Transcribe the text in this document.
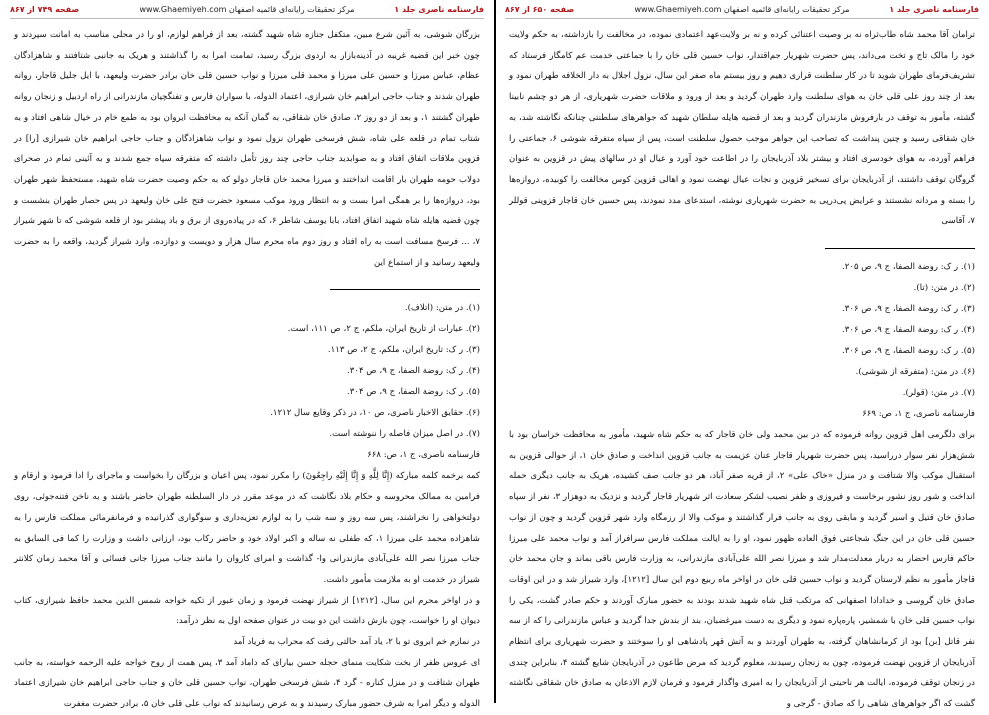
فارسنامه ناصری جلد ۱
مرکز تحقیقات رایانه‌ای قائمیه اصفهان www.Ghaemiyeh.com
صفحه ۶۵۰ از ۸۶۷

ترامان آقا محمد شاه طاب‌ثراه نه بر وصیت اعتنائی کرده و نه بر ولایت‌عهد اعتمادی نموده، در مخالفت را بازداشته، به حکم ولایت خود را مالک تاج و تخت می‌داند، پس حضرت شهریار جم‌اقتدار، نواب حسین قلی خان را با جماعتی خدمت عم کامگار فرستاد که تشریف‌فرمای طهران شوید تا در کار سلطنت قراری دهیم و روز بیستم ماه صفر این سال، نزول اجلال به دار الخلافه طهران نمود و بعد از چند روز علی قلی خان به هوای سلطنت وارد طهران گردید و بعد از ورود و ملاقات حضرت شهریاری، از هر دو چشم نابینا گشته، مأمور به توقف در بارفروش مازندران گردید و بعد از قضیه هایله سلطان شهید که جواهرهای سلطنتی چنانکه نگاشته شد، به خان شقاقی رسید و چنین پنداشت که تصاحب این جواهر موجب حصول سلطنت است، پس از سپاه متفرقه شوشی ۶، جماعتی را فراهم آورده، به هوای خودسری افتاد و بیشتر بلاد آذربایجان را در اطاعت خود آورد و عیال او در سالهای پیش در قزوین به عنوان گروگان توقف داشتند، از آذربایجان برای تسخیر قزوین و نجات عیال نهضت نمود و اهالی قزوین کوس مخالفت را کوبیده، دروازه‌ها را بسته و مردانه نشستند و عرایض پی‌درپی به حضرت شهریاری نوشته، استدعای مدد نمودند، پس حسین خان قاجار قزوینی قوللر ۷، آقاسی

(۱). ر ک: روضة الصفا، ج ۹، ص ۲۰۵.
(۲). در متن: (تا).
(۳). ر ک: روضة الصفا، ج ۹، ص ۳۰۶.
(۴). ر ک: روضة الصفا، ج ۹، ص ۳۰۶.
(۵). ر ک: روضة الصفا، ج ۹، ص ۳۰۶.
(۶). در متن: (متفرقه از شوشی).
(۷). در متن: (قولر).
فارسنامه ناصری، ج ۱، ص: ۶۶۹

برای دلگرمی اهل قزوین روانه فرموده که در بین محمد ولی خان قاجار که به حکم شاه شهید، مأمور به محافظت خراسان بود با شش‌هزار نفر سوار درراسید، پس حضرت شهریار قاجار عنان عزیمت به جانب قزوین انداخت و صادق خان ۱، از حوالی قزوین به استقبال موکب والا شتافت و در منزل «خاک علی» ۲، از قریه صفر آباد، هر دو جانب صف کشیده، هریک به جانب دیگری حمله انداخت و شور روز نشور برخاست و فیروزی و ظفر نصیب لشکر سعادت اثر شهریار قاجار گردید و نزدیک به دوهزار ۳، نفر از سپاه صادق خان قتیل و اسیر گردید و مابقی روی به جانب فرار گذاشتند و موکب والا از رزمگاه وارد شهر قزوین گردید و چون از نواب حسین قلی خان در این جنگ شجاعتی فوق العاده ظهور نمود، او را به ایالت مملکت فارس سرافراز آمد و نواب محمد علی میرزا حاکم فارس احضار به دربار معدلت‌مدار شد و میرزا نصر الله علی‌آبادی مازندرانی، به وزارت فارس باقی بماند و جان محمد خان قاجار مأمور به نظم لارستان گردید و نواب حسین قلی خان در اواخر ماه ربیع دوم این سال [۱۲۱۲]، وارد شیراز شد و در این اوقات صادق خان گروسی و خدادادا اصفهانی که مرتکب قتل شاه شهید شدند بودند به حضور مبارک آوردند و حکم صادر گشت، یکی را نواب حسین قلی خان با شمشیر، پاره‌پاره نمود و دیگری به دست میرغضبان، بند از بندش جدا گردید و عباس مازندرانی را که از سه نفر قاتل [بن] بود از کرمانشاهان گرفته، به طهران آوردند و به آتش قهر پادشاهی او را سوختند و حضرت شهریاری برای انتظام آذربایجان از قزوین نهضت فرموده، چون به زنجان رسیدند، معلوم گردید که مرض طاعون در آذربایجان شایع گشته ۴، بنابراین چندی در زنجان توقف فرموده، ایالت هر ناحیتی از آذربایجان را به امیری واگذار فرمود و فرمان لازم الاذعان به صادق خان شقاقی نگاشته گشت که اگر جواهرهای شاهی را که صادق - گرجی و

فارسنامه ناصری جلد ۱
مرکز تحقیقات رایانه‌ای قائمیه اصفهان www.Ghaemiyeh.com
صفحه ۷۴۹ از ۸۶۷

بزرگان شوشی، به آئین شرع مبین، متکفل جنازه شاه شهید گشته، بعد از فراهم لوازم، او را در محلی مناسب به امانت سپردند و چون خبر این قضیه غریبه در آدینه‌بازار به اردوی بزرگ رسید، تمامت امرا به را گذاشتند و هریک به جانبی شتافتند و شاهزادگان عظام، عباس میرزا و حسین علی میرزا و محمد قلی میرزا و نواب حسین قلی خان برادر حضرت ولیعهد، با ایل جلیل قاجار، روانه طهران شدند و جناب حاجی ابراهیم خان شیرازی، اعتماد الدوله، با سواران فارس و تفنگچیان مازندرانی از راه اردبیل و زنجان روانه طهران گشتند ۱، و بعد از دو روز ۲، صادق خان شقاقی، به گمان آنکه به محافظت ایروان بود به طمع خام در خیال شاهی افتاد و به شتاب تمام در قلعه علی شاه، شش فرسخی طهران نزول نمود و نواب شاهزادگان و جناب حاجی ابراهیم خان شیرازی [را] در قزوین ملاقات اتفاق افتاد و به صوابدید جناب حاجی چند روز تأمل داشته که متفرقه سپاه جمع شدند و به آئینی تمام در صحرای دولاب حومه طهران بار اقامت انداختند و میرزا محمد خان قاجار دولو که به حکم وصیت حضرت شاه شهید، مستحفظ شهر طهران بود، دروازه‌ها را بر همگی امرا بست و به انتظار ورود موکب مسعود حضرت فتح علی خان ولیعهد در پس حصار طهران بنشست و چون قضیه هایله شاه شهید اتفاق افتاد، بابا یوسف شاطر ۶، که در پیاده‌روی از برق و باد پیشتر بود از قلعه شوشی که تا شهر شیراز ۷، ... فرسخ مسافت است به راه افتاد و روز دوم ماه محرم سال هزار و دویست و دوازده، وارد شیراز گردید، واقعه را به حضرت ولیعهد رسانید و از استماع این

(۱). در متن: (اتلاف).
(۲). عبارات از تاریخ ایران، ملکم، ج ۲، ص ۱۱۱، است.
(۳). ر ک: تاریخ ایران، ملکم، ج ۲، ص ۱۱۳.
(۴). ر ک: روضة الصفا، ج ۹، ص ۳۰۴.
(۵). ر ک: روضة الصفا، ج ۹، ص ۳۰۴.
(۶). حقایق الاخبار ناصری، ص ۱۰، در ذکر وقایع سال ۱۲۱۲.
(۷). در اصل میزان فاصله را ننوشته است.
فارسنامه ناصری، ج ۱، ص: ۶۶۸

کمه برخمه کلمه مبارکه (إِنَّا لِلَّهِ وَ إِنَّا إِلَيْهِ راجِعُونَ) را مکرر نمود، پس اعیان و بزرگان را بخواست و ماجرای را ادا فرمود و ارقام و فرامین به ممالک محروسه و حکام بلاد نگاشت که در موعد مقرر در دار السلطنه طهران حاضر باشند و به ناخن فتنه‌جوئی، روی دولتخواهی را نخراشند، پس سه روز و سه شب را به لوازم تعزیه‌داری و سوگواری گذرانیده و فرمانفرمائی مملکت فارس را به شاهزاده محمد علی میرزا ۱، که طفلی نه ساله و اکبر اولاد خود و حاضر رکاب بود، ارزانی داشت و وزارت را کما فی السابق به جناب میرزا نصر الله علی‌آبادی مازندرانی وا- گذاشت و امرای کاروان را مانند جناب میرزا جانی فسائی و آقا محمد زمان کلانتر شیراز در خدمت او به ملازمت مأمور داشت.

و در اواخر محرم این سال، [۱۲۱۲] از شیراز نهضت فرمود و زمان عبور از تکیه خواجه شمس الدین محمد حافظ شیرازی، کتاب دیوان او را خواست، چون بازش داشت این دو بیت در عنوان صفحه اول به نظر درآمد:

در نمازم خم ابروی تو با ۲، یاد آمد حالتی رفت که محراب به فریاد آمد

ای عروس ظفر از بخت شکایت منمای حجله حسن بیارای که داماد آمد ۳، پس همت از روح خواجه علیه الرحمه خواسته، به جانب طهران شتافت و در منزل کناره - گرد ۴، شش فرسخی طهران، نواب حسین قلی خان و جناب حاجی ابراهیم خان شیرازی اعتماد الدوله و دیگر امرا به شرف حضور مبارک رسیدند و به عرض رسانیدند که نواب علی قلی خان ۵، برادر حضرت مغفرت
